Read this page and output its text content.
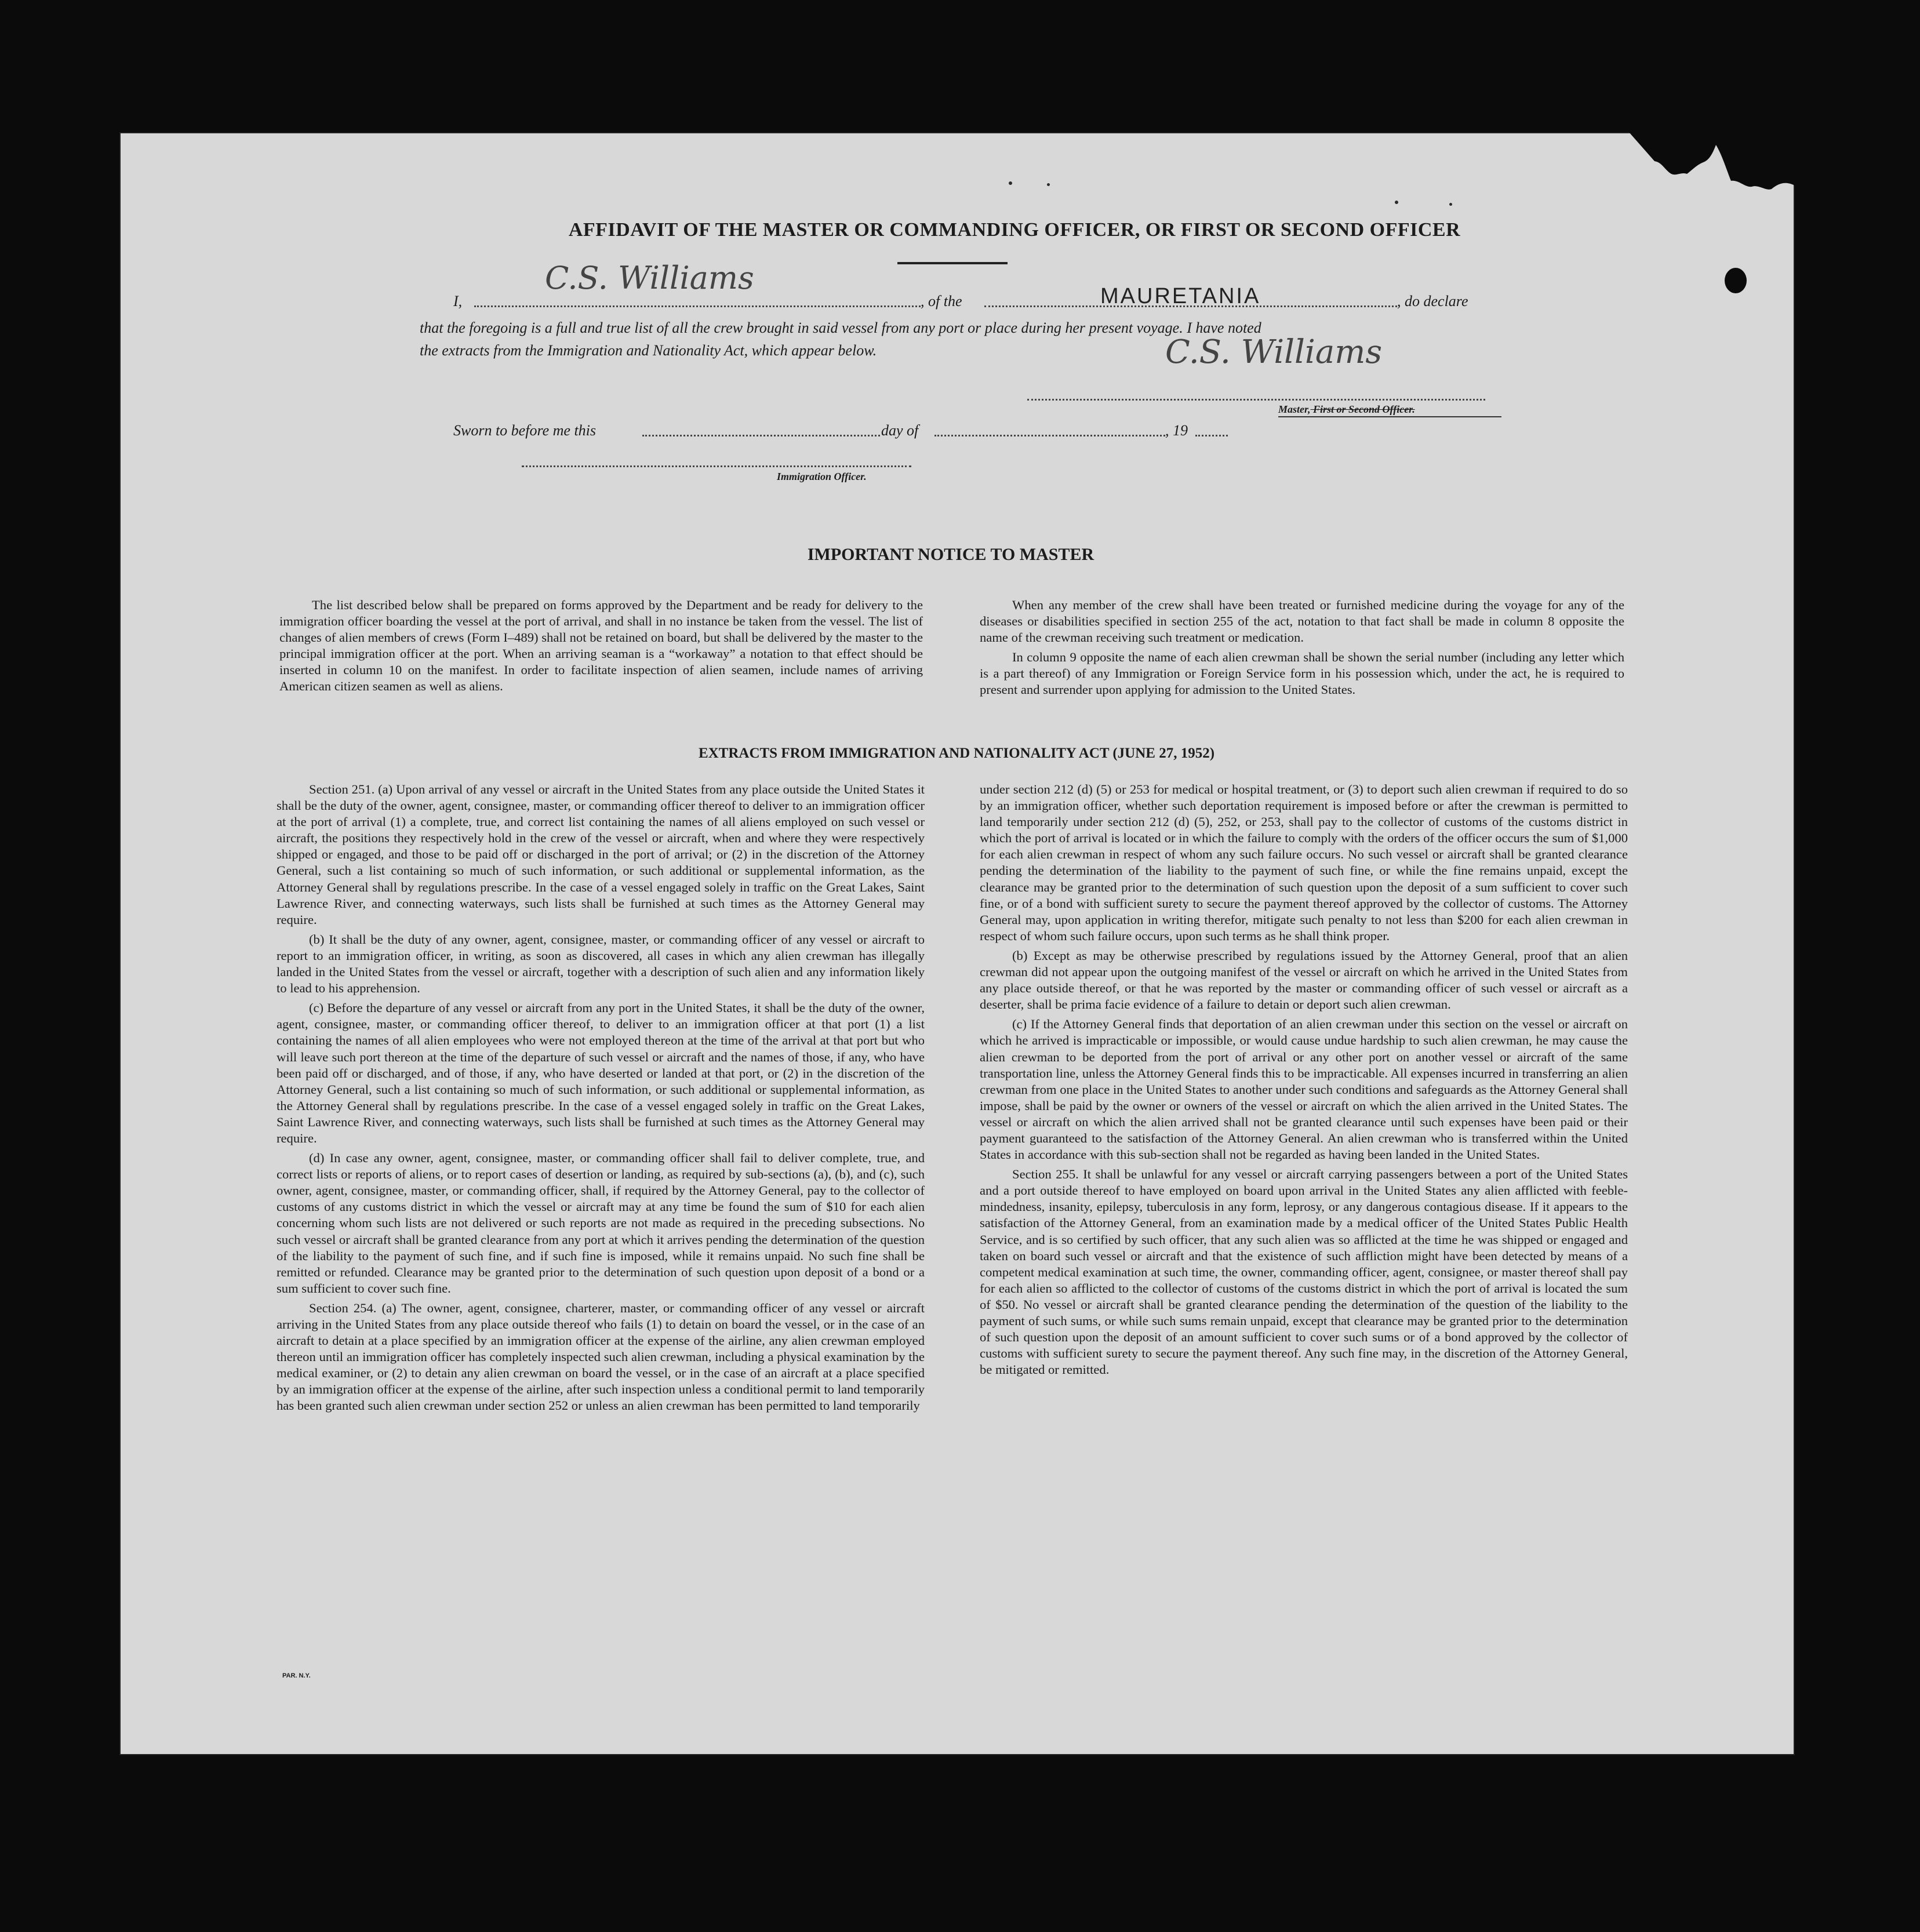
AFFIDAVIT OF THE MASTER OR COMMANDING OFFICER, OR FIRST OR SECOND OFFICER
I,
C.S. Williams
, of the	MAURETANIA	, do declare
that the foregoing is a full and true list of all the crew brought in said vessel from any port or place during her present voyage. I have noted
the extracts from the Immigration and Nationality Act, which appear below.	C.S. Williams
Master, First or Second Officer.
Sworn to before me this	day of	, 19
Immigration Officer.
IMPORTANT NOTICE TO MASTER

The list described below shall be prepared on forms approved by the Department and be ready for delivery to the immigration officer boarding the vessel at the port of arrival, and shall in no instance be taken from the vessel. The list of changes of alien members of crews (Form I–489) shall not be retained on board, but shall be delivered by the master to the principal immigration officer at the port. When an arriving seaman is a “workaway” a notation to that effect should be inserted in column 10 on the manifest. In order to facilitate inspection of alien seamen, include names of arriving American citizen seamen as well as aliens.

When any member of the crew shall have been treated or furnished medicine during the voyage for any of the diseases or disabilities specified in section 255 of the act, notation to that fact shall be made in column 8 opposite the name of the crewman receiving such treatment or medication.

In column 9 opposite the name of each alien crewman shall be shown the serial number (including any letter which is a part thereof) of any Immigration or Foreign Service form in his possession which, under the act, he is required to present and surrender upon applying for admission to the United States.

EXTRACTS FROM IMMIGRATION AND NATIONALITY ACT (JUNE 27, 1952)

Section 251. (a) Upon arrival of any vessel or aircraft in the United States from any place outside the United States it shall be the duty of the owner, agent, consignee, master, or commanding officer thereof to deliver to an immigration officer at the port of arrival (1) a complete, true, and correct list containing the names of all aliens employed on such vessel or aircraft, the positions they respectively hold in the crew of the vessel or aircraft, when and where they were respectively shipped or engaged, and those to be paid off or discharged in the port of arrival; or (2) in the discretion of the Attorney General, such a list containing so much of such information, or such additional or supplemental information, as the Attorney General shall by regulations prescribe. In the case of a vessel engaged solely in traffic on the Great Lakes, Saint Lawrence River, and connecting waterways, such lists shall be furnished at such times as the Attorney General may require.

(b) It shall be the duty of any owner, agent, consignee, master, or commanding officer of any vessel or aircraft to report to an immigration officer, in writing, as soon as discovered, all cases in which any alien crewman has illegally landed in the United States from the vessel or aircraft, together with a description of such alien and any information likely to lead to his apprehension.

(c) Before the departure of any vessel or aircraft from any port in the United States, it shall be the duty of the owner, agent, consignee, master, or commanding officer thereof, to deliver to an immigration officer at that port (1) a list containing the names of all alien employees who were not employed thereon at the time of the arrival at that port but who will leave such port thereon at the time of the departure of such vessel or aircraft and the names of those, if any, who have been paid off or discharged, and of those, if any, who have deserted or landed at that port, or (2) in the discretion of the Attorney General, such a list containing so much of such information, or such additional or supplemental information, as the Attorney General shall by regulations prescribe. In the case of a vessel engaged solely in traffic on the Great Lakes, Saint Lawrence River, and connecting waterways, such lists shall be furnished at such times as the Attorney General may require.

(d) In case any owner, agent, consignee, master, or commanding officer shall fail to deliver complete, true, and correct lists or reports of aliens, or to report cases of desertion or landing, as required by sub-sections (a), (b), and (c), such owner, agent, consignee, master, or commanding officer, shall, if required by the Attorney General, pay to the collector of customs of any customs district in which the vessel or aircraft may at any time be found the sum of $10 for each alien concerning whom such lists are not delivered or such reports are not made as required in the preceding subsections. No such vessel or aircraft shall be granted clearance from any port at which it arrives pending the determination of the question of the liability to the payment of such fine, and if such fine is imposed, while it remains unpaid. No such fine shall be remitted or refunded. Clearance may be granted prior to the determination of such question upon deposit of a bond or a sum sufficient to cover such fine.

Section 254. (a) The owner, agent, consignee, charterer, master, or commanding officer of any vessel or aircraft arriving in the United States from any place outside thereof who fails (1) to detain on board the vessel, or in the case of an aircraft to detain at a place specified by an immigration officer at the expense of the airline, any alien crewman employed thereon until an immigration officer has completely inspected such alien crewman, including a physical examination by the medical examiner, or (2) to detain any alien crewman on board the vessel, or in the case of an aircraft at a place specified by an immigration officer at the expense of the airline, after such inspection unless a conditional permit to land temporarily has been granted such alien crewman under section 252 or unless an alien crewman has been permitted to land temporarily

under section 212 (d) (5) or 253 for medical or hospital treatment, or (3) to deport such alien crewman if required to do so by an immigration officer, whether such deportation requirement is imposed before or after the crewman is permitted to land temporarily under section 212 (d) (5), 252, or 253, shall pay to the collector of customs of the customs district in which the port of arrival is located or in which the failure to comply with the orders of the officer occurs the sum of $1,000 for each alien crewman in respect of whom any such failure occurs. No such vessel or aircraft shall be granted clearance pending the determination of the liability to the payment of such fine, or while the fine remains unpaid, except the clearance may be granted prior to the determination of such question upon the deposit of a sum sufficient to cover such fine, or of a bond with sufficient surety to secure the payment thereof approved by the collector of customs. The Attorney General may, upon application in writing therefor, mitigate such penalty to not less than $200 for each alien crewman in respect of whom such failure occurs, upon such terms as he shall think proper.

(b) Except as may be otherwise prescribed by regulations issued by the Attorney General, proof that an alien crewman did not appear upon the outgoing manifest of the vessel or aircraft on which he arrived in the United States from any place outside thereof, or that he was reported by the master or commanding officer of such vessel or aircraft as a deserter, shall be prima facie evidence of a failure to detain or deport such alien crewman.

(c) If the Attorney General finds that deportation of an alien crewman under this section on the vessel or aircraft on which he arrived is impracticable or impossible, or would cause undue hardship to such alien crewman, he may cause the alien crewman to be deported from the port of arrival or any other port on another vessel or aircraft of the same transportation line, unless the Attorney General finds this to be impracticable. All expenses incurred in transferring an alien crewman from one place in the United States to another under such conditions and safeguards as the Attorney General shall impose, shall be paid by the owner or owners of the vessel or aircraft on which the alien arrived in the United States. The vessel or aircraft on which the alien arrived shall not be granted clearance until such expenses have been paid or their payment guaranteed to the satisfaction of the Attorney General. An alien crewman who is transferred within the United States in accordance with this sub-section shall not be regarded as having been landed in the United States.

Section 255. It shall be unlawful for any vessel or aircraft carrying passengers between a port of the United States and a port outside thereof to have employed on board upon arrival in the United States any alien afflicted with feeble-mindedness, insanity, epilepsy, tuberculosis in any form, leprosy, or any dangerous contagious disease. If it appears to the satisfaction of the Attorney General, from an examination made by a medical officer of the United States Public Health Service, and is so certified by such officer, that any such alien was so afflicted at the time he was shipped or engaged and taken on board such vessel or aircraft and that the existence of such affliction might have been detected by means of a competent medical examination at such time, the owner, commanding officer, agent, consignee, or master thereof shall pay for each alien so afflicted to the collector of customs of the customs district in which the port of arrival is located the sum of $50. No vessel or aircraft shall be granted clearance pending the determination of the question of the liability to the payment of such sums, or while such sums remain unpaid, except that clearance may be granted prior to the determination of such question upon the deposit of an amount sufficient to cover such sums or of a bond approved by the collector of customs with sufficient surety to secure the payment thereof. Any such fine may, in the discretion of the Attorney General, be mitigated or remitted.

PAR. N.Y.
